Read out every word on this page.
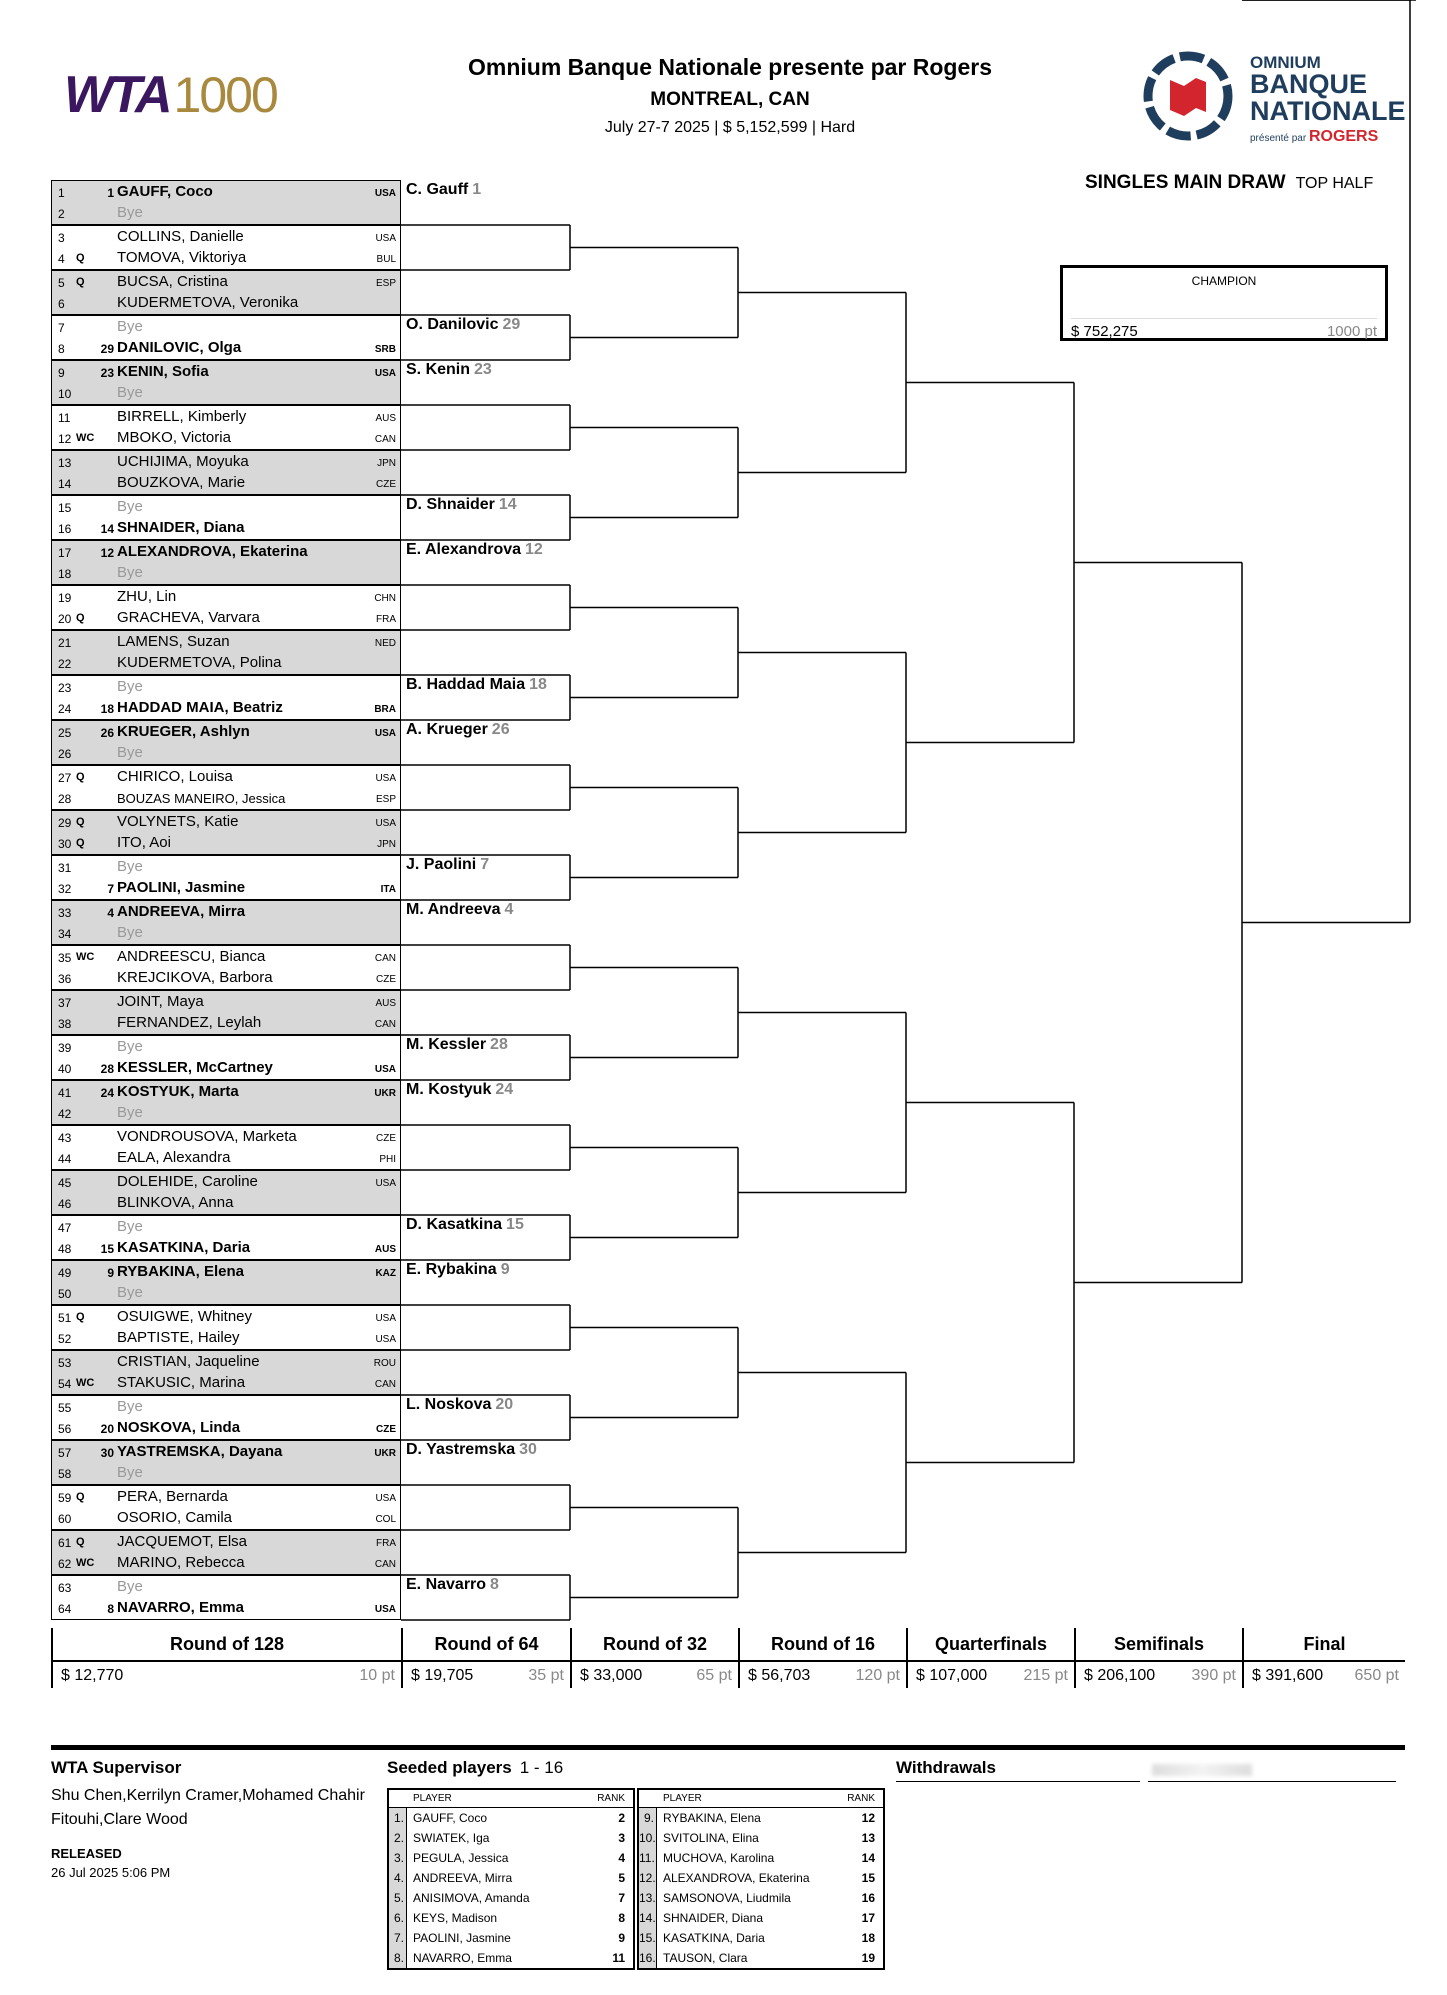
WTA 1000	Omnium Banque Nationale presente par Rogers
MONTREAL, CAN
July 27-7 2025 | $ 5,152,599 | Hard
OMNIUM
BANQUE
NATIONALE
présenté par ROGERS
SINGLES MAIN DRAW TOP HALF
CHAMPION
$ 752,275	1000 pt
1	1 GAUFF, Coco	USA
2	Bye
3	COLLINS, Danielle	USA
4	Q	TOMOVA, Viktoriya	BUL
5	Q	BUCSA, Cristina	ESP
6	KUDERMETOVA, Veronika
7	Bye
8	29 DANILOVIC, Olga	SRB
9	23 KENIN, Sofia	USA
10	Bye
11	BIRRELL, Kimberly	AUS
12 WC MBOKO, Victoria	CAN
13	UCHIJIMA, Moyuka	JPN
14	BOUZKOVA, Marie	CZE
15	Bye
16	14 SHNAIDER, Diana
17	12 ALEXANDROVA, Ekaterina
18	Bye
19	ZHU, Lin	CHN
20 Q	GRACHEVA, Varvara	FRA
21	LAMENS, Suzan	NED
22	KUDERMETOVA, Polina
23	Bye
24	18 HADDAD MAIA, Beatriz	BRA
25	26 KRUEGER, Ashlyn	USA
26	Bye
27 Q	CHIRICO, Louisa	USA
28	BOUZAS MANEIRO, Jessica	ESP
29 Q	VOLYNETS, Katie	USA
30 Q	ITO, Aoi	JPN
31	Bye
32	7 PAOLINI, Jasmine	ITA
33	4 ANDREEVA, Mirra
34	Bye
35 WC ANDREESCU, Bianca	CAN
36	KREJCIKOVA, Barbora	CZE
37	JOINT, Maya	AUS
38	FERNANDEZ, Leylah	CAN
39	Bye
40	28 KESSLER, McCartney	USA
41	24 KOSTYUK, Marta	UKR
42	Bye
43	VONDROUSOVA, Marketa	CZE
44	EALA, Alexandra	PHI
45	DOLEHIDE, Caroline	USA
46	BLINKOVA, Anna
47	Bye
48	15 KASATKINA, Daria	AUS
49	9 RYBAKINA, Elena	KAZ
50	Bye
51 Q	OSUIGWE, Whitney	USA
52	BAPTISTE, Hailey	USA
53	CRISTIAN, Jaqueline	ROU
54 WC STAKUSIC, Marina	CAN
55	Bye
56	20 NOSKOVA, Linda	CZE
57	30 YASTREMSKA, Dayana	UKR
58	Bye
59 Q	PERA, Bernarda	USA
60	OSORIO, Camila	COL
61 Q	JACQUEMOT, Elsa	FRA
62 WC MARINO, Rebecca	CAN
63	Bye
64	8 NAVARRO, Emma	USA
C. Gauff 1
O. Danilovic 29
S. Kenin 23
D. Shnaider 14
E. Alexandrova 12
B. Haddad Maia 18
A. Krueger 26
J. Paolini 7
M. Andreeva 4
M. Kessler 28
M. Kostyuk 24
D. Kasatkina 15
E. Rybakina 9
L. Noskova 20
D. Yastremska 30
E. Navarro 8
Round of 128
$ 12,770	10 pt
Round of 64
$ 19,705	35 pt
Round of 32
$ 33,000	65 pt
Round of 16
$ 56,703	120 pt
Quarterfinals
$ 107,000 215 pt
Semifinals
$ 206,100 390 pt
Final
$ 391,600 650 pt
WTA Supervisor
Shu Chen,Kerrilyn Cramer,Mohamed Chahir Fitouhi,Clare Wood
RELEASED
26 Jul 2025 5:06 PM
Seeded players 1 - 16
PLAYER	RANK
1. GAUFF, Coco	2
2. SWIATEK, Iga	3
3. PEGULA, Jessica	4
4. ANDREEVA, Mirra	5
5. ANISIMOVA, Amanda	7
6. KEYS, Madison	8
7. PAOLINI, Jasmine	9
8. NAVARRO, Emma	11
PLAYER	RANK
9. RYBAKINA, Elena	12
10. SVITOLINA, Elina	13
11. MUCHOVA, Karolina	14
12. ALEXANDROVA, Ekaterina	15
13. SAMSONOVA, Liudmila	16
14. SHNAIDER, Diana	17
15. KASATKINA, Daria	18
16. TAUSON, Clara	19
Withdrawals
